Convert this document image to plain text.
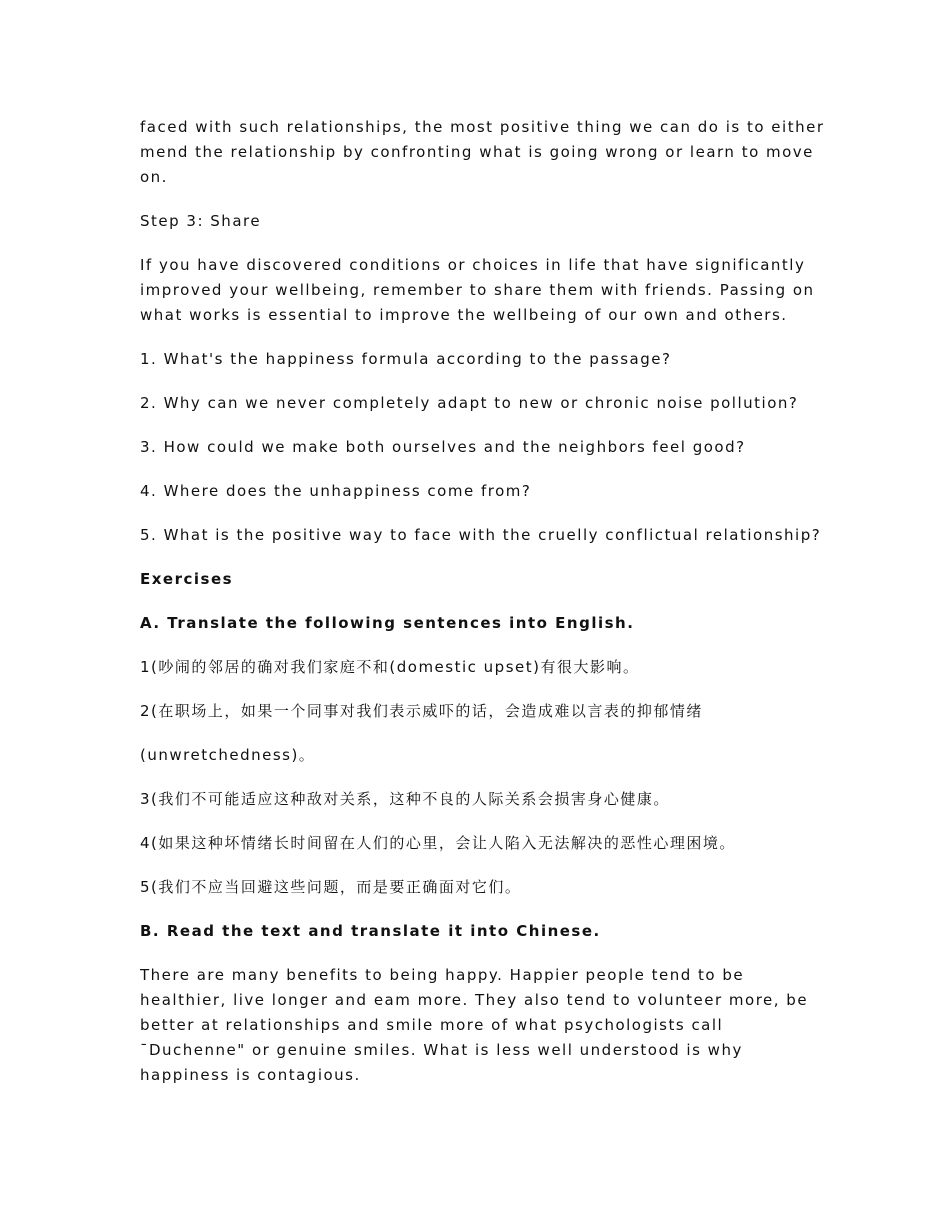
faced with such relationships, the most positive thing we can do is to either mend the relationship by confronting what is going wrong or learn to move on.

Step 3: Share

If you have discovered conditions or choices in life that have significantly improved your wellbeing, remember to share them with friends. Passing on what works is essential to improve the wellbeing of our own and others.

1. What's the happiness formula according to the passage?

2. Why can we never completely adapt to new or chronic noise pollution?

3. How could we make both ourselves and the neighbors feel good?

4. Where does the unhappiness come from?

5. What is the positive way to face with the cruelly conflictual relationship?

Exercises

A. Translate the following sentences into English.

1(吵闹的邻居的确对我们家庭不和(domestic upset)有很大影响。

2(在职场上，如果一个同事对我们表示威吓的话，会造成难以言表的抑郁情绪

(unwretchedness)。

3(我们不可能适应这种敌对关系，这种不良的人际关系会损害身心健康。

4(如果这种坏情绪长时间留在人们的心里，会让人陷入无法解决的恶性心理困境。

5(我们不应当回避这些问题，而是要正确面对它们。

B. Read the text and translate it into Chinese.

There are many benefits to being happy. Happier people tend to be healthier, live longer and eam more. They also tend to volunteer more, be better at relationships and smile more of what psychologists call ¯Duchenne" or genuine smiles. What is less well understood is why happiness is contagious.
